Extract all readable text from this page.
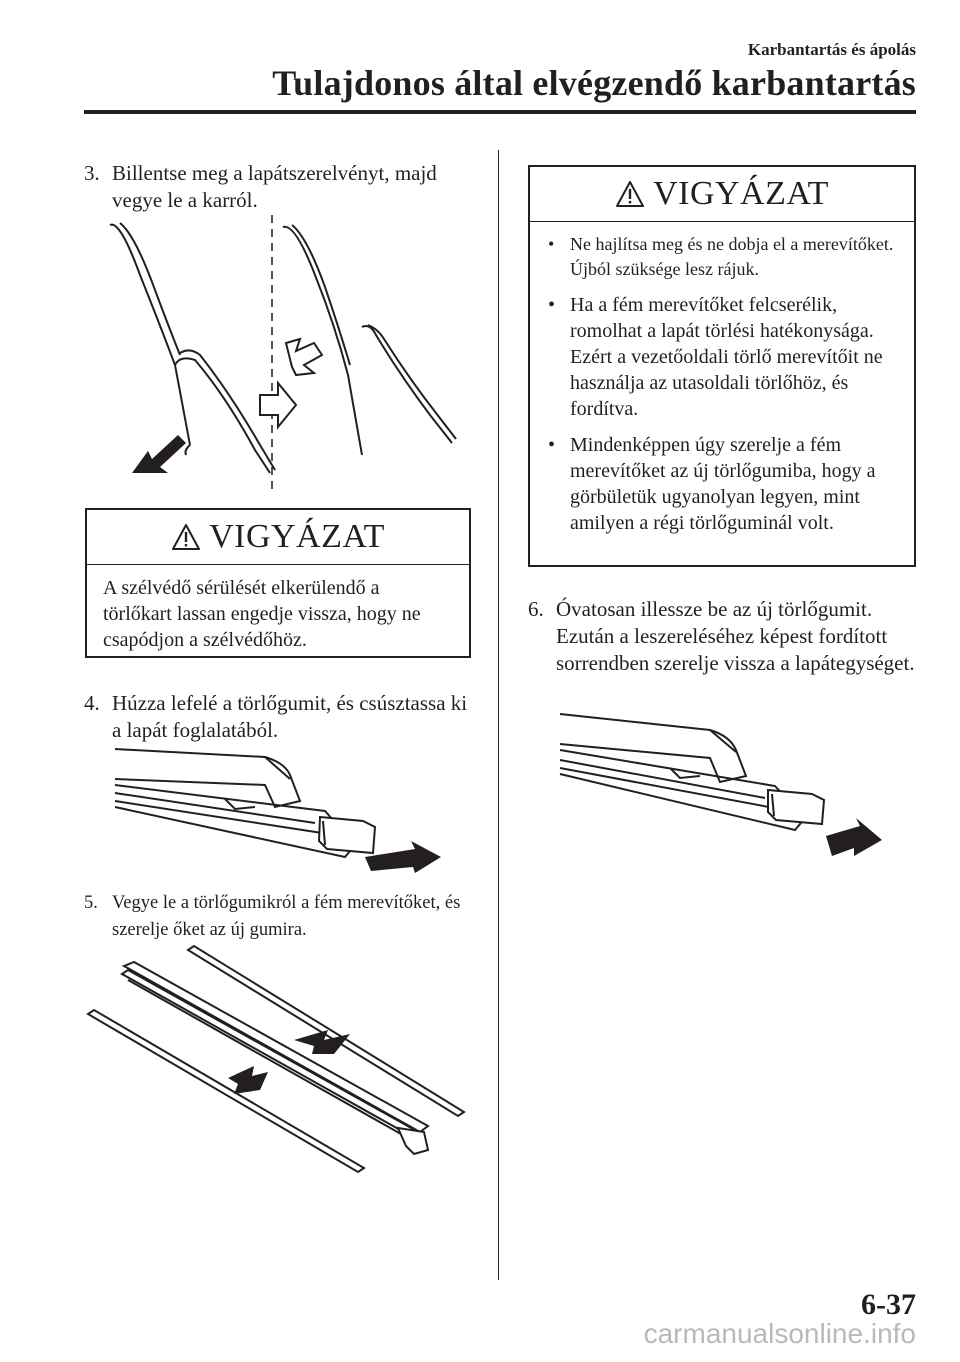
Karbantartás és ápolás
Tulajdonos által elvégzendő karbantartás
3. Billentse meg a lapátszerelvényt, majd vegye le a karról.
VIGYÁZAT
A szélvédő sérülését elkerülendő a törlőkart lassan engedje vissza, hogy ne csapódjon a szélvédőhöz.
4. Húzza lefelé a törlőgumit, és csúsztassa ki a lapát foglalatából.
5. Vegye le a törlőgumikról a fém merevítőket, és szerelje őket az új gumira.
VIGYÁZAT
• Ne hajlítsa meg és ne dobja el a merevítőket. Újból szüksége lesz rájuk.
• Ha a fém merevítőket felcserélik, romolhat a lapát törlési hatékonysága. Ezért a vezetőoldali törlő merevítőit ne használja az utasoldali törlőhöz, és fordítva.
• Mindenképpen úgy szerelje a fém merevítőket az új törlőgumiba, hogy a görbületük ugyanolyan legyen, mint amilyen a régi törlőguminál volt.
6. Óvatosan illessze be az új törlőgumit. Ezután a leszereléséhez képest fordított sorrendben szerelje vissza a lapátegységet.
6-37
carmanualsonline.info
